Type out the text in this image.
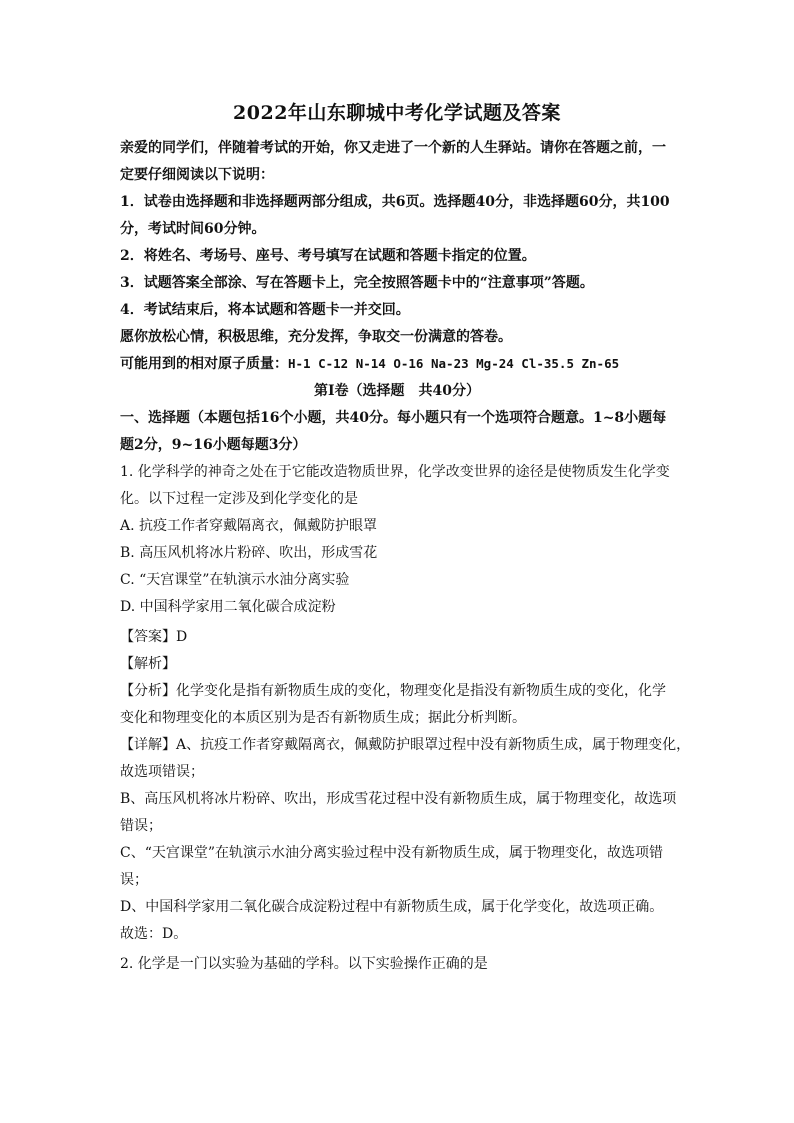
2022年山东聊城中考化学试题及答案
亲爱的同学们，伴随着考试的开始，你又走进了一个新的人生驿站。请你在答题之前，一
定要仔细阅读以下说明：
1．试卷由选择题和非选择题两部分组成，共6页。选择题40分，非选择题60分，共100
分，考试时间60分钟。
2．将姓名、考场号、座号、考号填写在试题和答题卡指定的位置。
3．试题答案全部涂、写在答题卡上，完全按照答题卡中的“注意事项”答题。
4．考试结束后，将本试题和答题卡一并交回。
愿你放松心情，积极思维，充分发挥，争取交一份满意的答卷。
可能用到的相对原子质量：H-1 C-12 N-14 O-16 Na-23 Mg-24 Cl-35.5 Zn-65
第Ⅰ卷（选择题　共40分）
一、选择题（本题包括16个小题，共40分。每小题只有一个选项符合题意。1~8小题每
题2分，9~16小题每题3分）
1. 化学科学的神奇之处在于它能改造物质世界，化学改变世界的途径是使物质发生化学变
化。以下过程一定涉及到化学变化的是
A. 抗疫工作者穿戴隔离衣，佩戴防护眼罩
B. 高压风机将冰片粉碎、吹出，形成雪花
C. “天宫课堂”在轨演示水油分离实验
D. 中国科学家用二氧化碳合成淀粉
【答案】D
【解析】
【分析】化学变化是指有新物质生成的变化，物理变化是指没有新物质生成的变化，化学
变化和物理变化的本质区别为是否有新物质生成；据此分析判断。
【详解】A、抗疫工作者穿戴隔离衣，佩戴防护眼罩过程中没有新物质生成，属于物理变化，
故选项错误；
B、高压风机将冰片粉碎、吹出，形成雪花过程中没有新物质生成，属于物理变化，故选项
错误；
C、“天宫课堂”在轨演示水油分离实验过程中没有新物质生成，属于物理变化，故选项错
误；
D、中国科学家用二氧化碳合成淀粉过程中有新物质生成，属于化学变化，故选项正确。
故选：D。
2. 化学是一门以实验为基础的学科。以下实验操作正确的是
